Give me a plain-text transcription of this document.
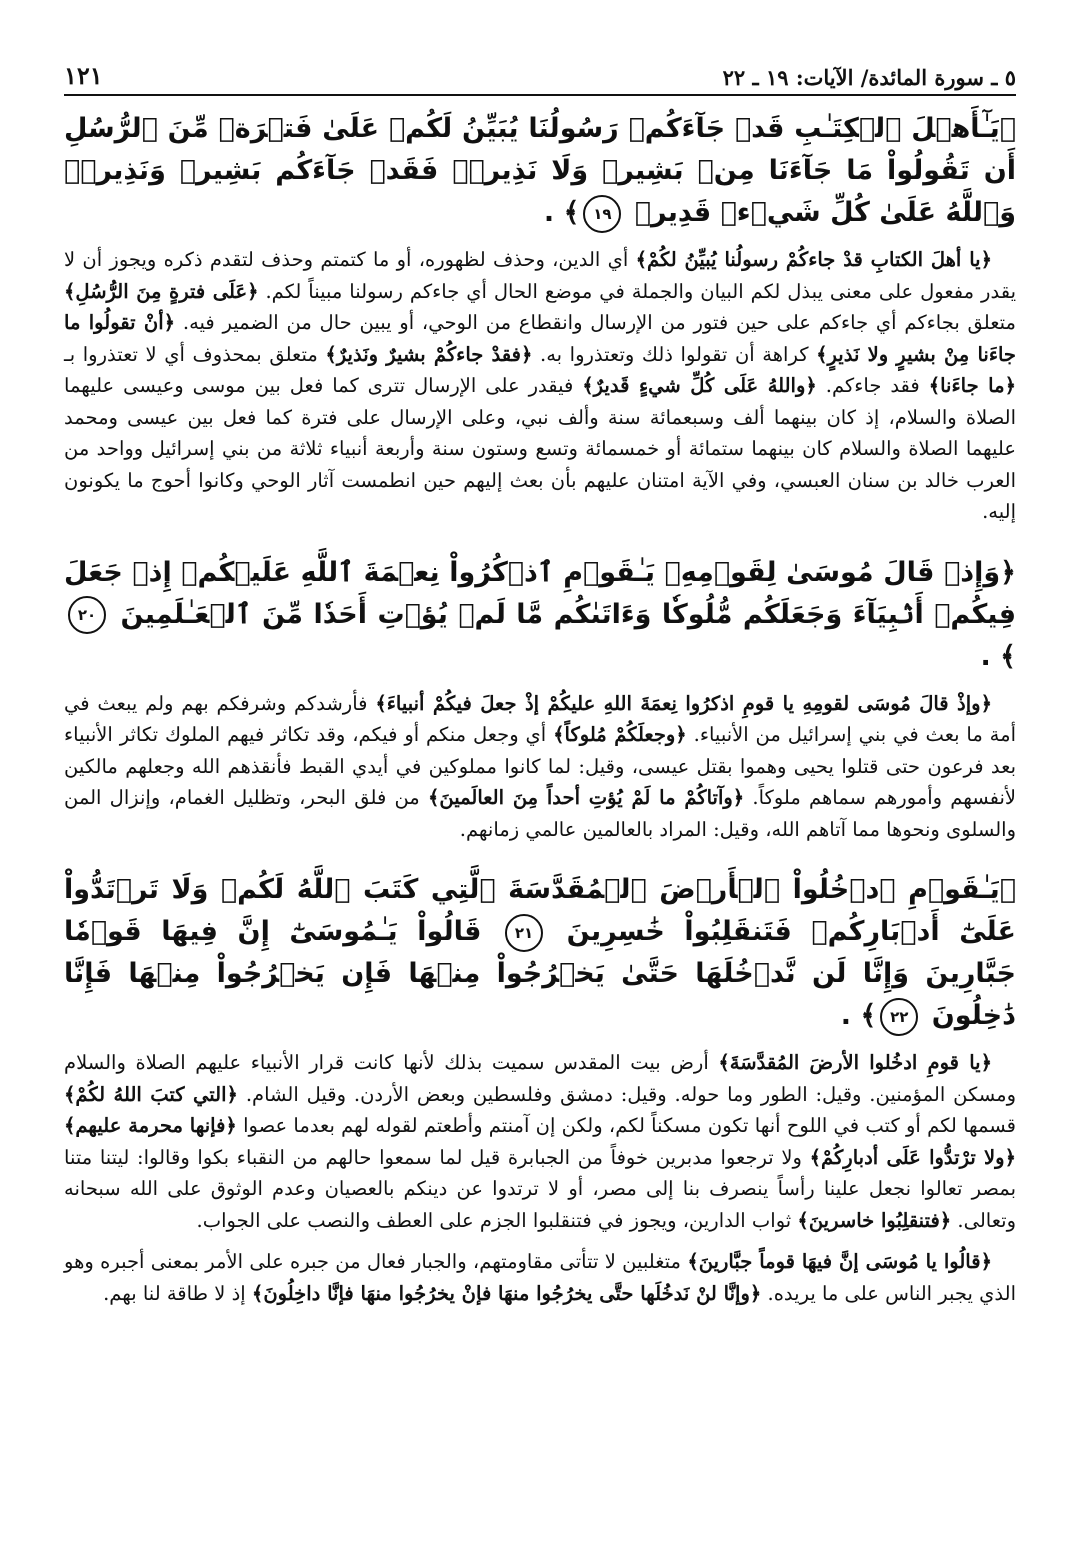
٥ ـ سورة المائدة/ الآيات: ١٩ ـ ٢٢
١٢١

﴿يَـٰٓأَهۡلَ ٱلۡكِتَـٰبِ قَدۡ جَآءَكُمۡ رَسُولُنَا يُبَيِّنُ لَكُمۡ عَلَىٰ فَتۡرَةٖ مِّنَ ٱلرُّسُلِ أَن تَقُولُواْ مَا جَآءَنَا مِنۢ بَشِيرٖ وَلَا نَذِيرٖۖ فَقَدۡ جَآءَكُم بَشِيرٞ وَنَذِيرٞۗ وَٱللَّهُ عَلَىٰ كُلِّ شَيۡءٖ قَدِيرٞ ١٩﴾ .

﴿يا أهلَ الكتابِ قدْ جاءكُمْ رسولُنا يُبيِّنُ لكُمْ﴾ أي الدين، وحذف لظهوره، أو ما كتمتم وحذف لتقدم ذكره ويجوز أن لا يقدر مفعول على معنى يبذل لكم البيان والجملة في موضع الحال أي جاءكم رسولنا مبيناً لكم. ﴿عَلَى فترةٍ مِنَ الرُّسُلِ﴾ متعلق بجاءكم أي جاءكم على حين فتور من الإرسال وانقطاع من الوحي، أو يبين حال من الضمير فيه. ﴿أنْ تقولُوا ما جاءَنا مِنْ بشيرٍ ولا نَذيرٍ﴾ كراهة أن تقولوا ذلك وتعتذروا به. ﴿فقدْ جاءكُمْ بشيرٌ ونَذيرٌ﴾ متعلق بمحذوف أي لا تعتذروا بـ ﴿ما جاءَنا﴾ فقد جاءكم. ﴿واللهُ عَلَى كُلِّ شيءٍ قَديرٌ﴾ فيقدر على الإرسال تترى كما فعل بين موسى وعيسى عليهما الصلاة والسلام، إذ كان بينهما ألف وسبعمائة سنة وألف نبي، وعلى الإرسال على فترة كما فعل بين عيسى ومحمد عليهما الصلاة والسلام كان بينهما ستمائة أو خمسمائة وتسع وستون سنة وأربعة أنبياء ثلاثة من بني إسرائيل وواحد من العرب خالد بن سنان العبسي، وفي الآية امتنان عليهم بأن بعث إليهم حين انطمست آثار الوحي وكانوا أحوج ما يكونون إليه.

﴿وَإِذۡ قَالَ مُوسَىٰ لِقَوۡمِهِۦ يَـٰقَوۡمِ ٱذۡكُرُواْ نِعۡمَةَ ٱللَّهِ عَلَيۡكُمۡ إِذۡ جَعَلَ فِيكُمۡ أَنۢبِيَآءَ وَجَعَلَكُم مُّلُوكٗا وَءَاتَىٰكُم مَّا لَمۡ يُؤۡتِ أَحَدٗا مِّنَ ٱلۡعَـٰلَمِينَ ٢٠﴾ .

﴿وإذْ قالَ مُوسَى لقومِهِ يا قومِ اذكرُوا نِعمَةَ اللهِ عليكُمْ إذْ جعلَ فيكُمْ أنبياءَ﴾ فأرشدكم وشرفكم بهم ولم يبعث في أمة ما بعث في بني إسرائيل من الأنبياء. ﴿وجعلَكُمْ مُلوكاً﴾ أي وجعل منكم أو فيكم، وقد تكاثر فيهم الملوك تكاثر الأنبياء بعد فرعون حتى قتلوا يحيى وهموا بقتل عيسى، وقيل: لما كانوا مملوكين في أيدي القبط فأنقذهم الله وجعلهم مالكين لأنفسهم وأمورهم سماهم ملوكاً. ﴿وآتاكُمْ ما لَمْ يُؤتِ أحداً مِنَ العالَمينَ﴾ من فلق البحر، وتظليل الغمام، وإنزال المن والسلوى ونحوها مما آتاهم الله، وقيل: المراد بالعالمين عالمي زمانهم.

﴿يَـٰقَوۡمِ ٱدۡخُلُواْ ٱلۡأَرۡضَ ٱلۡمُقَدَّسَةَ ٱلَّتِي كَتَبَ ٱللَّهُ لَكُمۡ وَلَا تَرۡتَدُّواْ عَلَىٰٓ أَدۡبَارِكُمۡ فَتَنقَلِبُواْ خَٰسِرِينَ ٢١ قَالُواْ يَـٰمُوسَىٰٓ إِنَّ فِيهَا قَوۡمٗا جَبَّارِينَ وَإِنَّا لَن نَّدۡخُلَهَا حَتَّىٰ يَخۡرُجُواْ مِنۡهَا فَإِن يَخۡرُجُواْ مِنۡهَا فَإِنَّا دَٰخِلُونَ ٢٢﴾ .

﴿يا قومِ ادخُلوا الأرضَ المُقدَّسَةَ﴾ أرض بيت المقدس سميت بذلك لأنها كانت قرار الأنبياء عليهم الصلاة والسلام ومسكن المؤمنين. وقيل: الطور وما حوله. وقيل: دمشق وفلسطين وبعض الأردن. وقيل الشام. ﴿التي كتبَ اللهُ لكُمْ﴾ قسمها لكم أو كتب في اللوح أنها تكون مسكناً لكم، ولكن إن آمنتم وأطعتم لقوله لهم بعدما عصوا ﴿فإنها محرمة عليهم﴾ ﴿ولا ترْتدُّوا عَلَى أدبارِكُمْ﴾ ولا ترجعوا مدبرين خوفاً من الجبابرة قيل لما سمعوا حالهم من النقباء بكوا وقالوا: ليتنا متنا بمصر تعالوا نجعل علينا رأساً ينصرف بنا إلى مصر، أو لا ترتدوا عن دينكم بالعصيان وعدم الوثوق على الله سبحانه وتعالى. ﴿فتنقلِبُوا خاسرينَ﴾ ثواب الدارين، ويجوز في فتنقلبوا الجزم على العطف والنصب على الجواب.

﴿قالُوا يا مُوسَى إنَّ فيهَا قوماً جبَّارينَ﴾ متغلبين لا تتأتى مقاومتهم، والجبار فعال من جبره على الأمر بمعنى أجبره وهو الذي يجبر الناس على ما يريده. ﴿وإنَّا لنْ نَدخُلَها حتَّى يخرُجُوا منهَا فإنْ يخرُجُوا منهَا فإنَّا داخِلُونَ﴾ إذ لا طاقة لنا بهم.
